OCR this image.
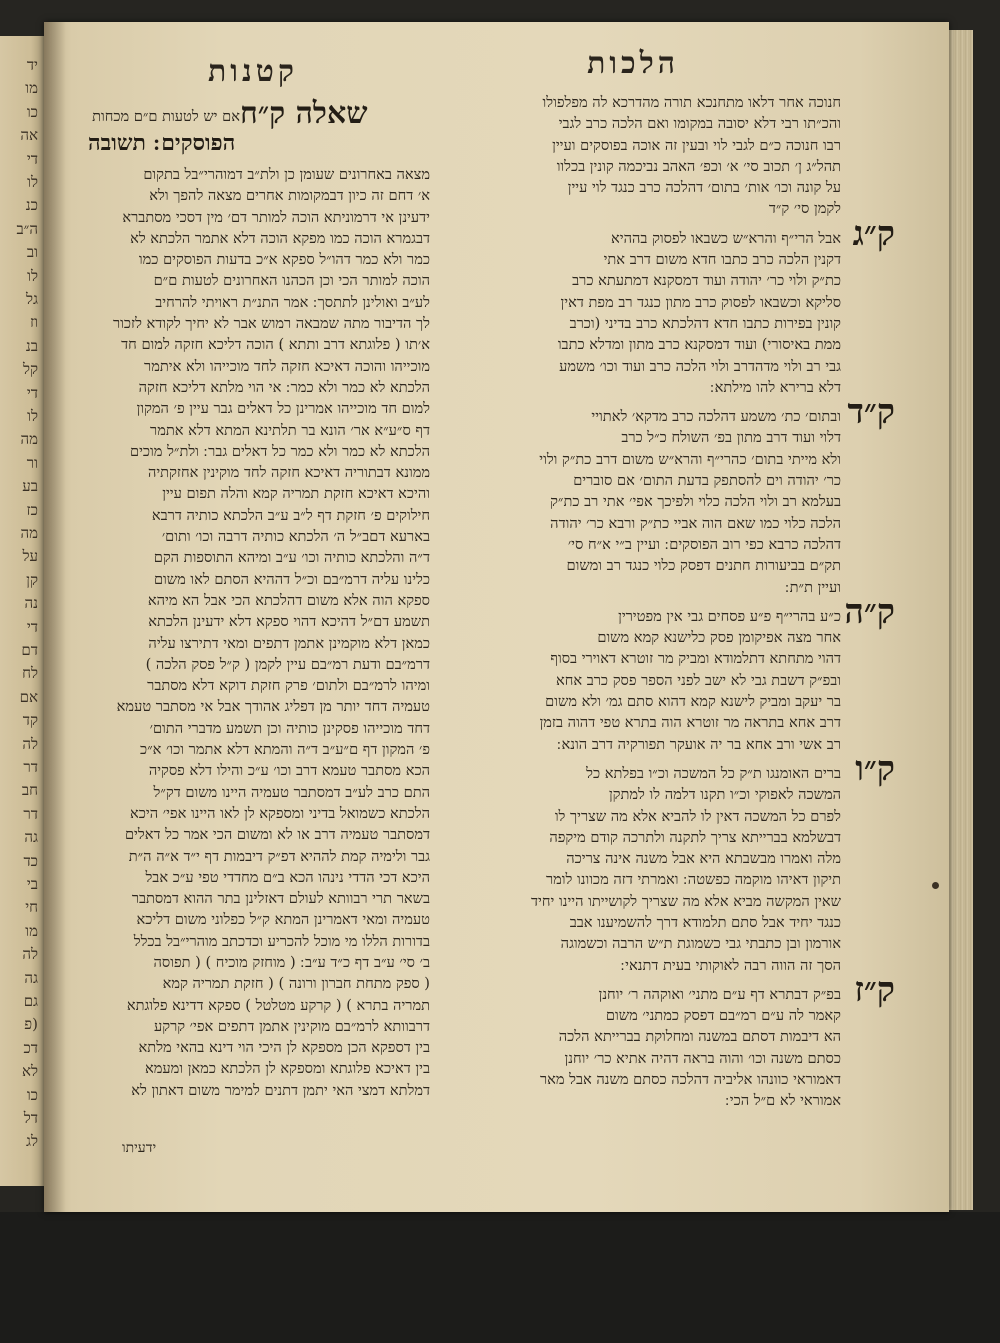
יד
מו
כו
אה
די
לו
כנ
ה״ב
וב
לו
גל
וז
בנ
קל
די
לו
מה
ור
בע
כז
מה
על
קן
נה
די
דם
לח
אם
קד
לה
דר
חב
דר
גה
כד
בי
חי
מו
לה
גה
גם
(פ
דכ
לא
כו
דל
לג
הלכות
קטנות
חנוכה אחר דלאו מתחנכא תורה מהדרכא לה מפלפולו
והכ״תו רבי דלא יסובה במקומו ואם הלכה כרב לגבי
רבו חנוכה כ״ם לגבי לוי ובעין זה אוכה בפוסקים ועיין
תהל״ג ן׳ תכוב סי׳ א׳ וכפ׳ האהב נביכמה קונין בכלוו
על קונה וכו׳ אות׳ בתום׳ דהלכה כרב כנגד לוי עיין
לקמן סי׳ ק״ד
ק״ג
אבל הרי״ף והרא״ש כשבאו לפסוק בההיא
דקנין הלכה כרב כתבו חדא משום דרב אתי
כת״ק ולוי כר׳ יהודה ועוד דמסקנא דמתעתא כרב
סליקא וכשבאו לפסוק כרב מתון כנגד רב מפת דאין
קונין בפירות כתבו חדא דהלכתא כרב בדיני (וכרב
ממת באיסורי) ועוד דמסקנא כרב מתון ומדלא כתבו
גבי רב ולוי מדהדרב ולוי הלכה כרב ועוד וכו׳ משמע
דלא ברירא להו מילתא ׃
ק״ד
ובתום׳ כת׳ משמע דהלכה כרב מדקא׳ לאתויי
דלוי ועוד דרב מתון בפ׳ השולח כ״ל כרב
ולא מייתי בתום׳ כהרי״ף והרא״ש משום דרב כת״ק ולוי
כר׳ יהודה וים להסתפק בדעת התום׳ אם סוברים
בעלמא רב ולוי הלכה כלוי ולפיכך אפי׳ אתי רב כת״ק
הלכה כלוי כמו שאם הוה אביי כת״ק ורבא כר׳ יהודה
דהלכה כרבא כפי רוב הפוסקים ׃ ועיין ב״י א״ח סי׳
תק״ם בביעורות חתנים דפסק כלוי כנגד רב ומשום
ועיין ת״ת ׃
ק״ה
כ״ע בהרי״ף פ״ע פסחים גבי אין מפטירין
אחר מצה אפיקומן פסק כלישנא קמא משום
דהוי מתחתא דתלמודא ומביק מר זוטרא דאוירי בסוף
ובפ״ק דשבת גבי לא ישב לפני הספר פסק כרב אחא
בר יעקב ומביק לישנא קמא דהוא סתם גמ׳ ולא משום
דרב אחא בתראה מר זוטרא הוה בתרא טפי דהוה בזמן
רב אשי ורב אחא בר יה אועקר תפורקיה דרב הונא ׃
ק״ו
ברים האומנגו ת״ק כל המשכה וכ״ו בפלתא כל
המשכה לאפוקי וכ״ו תקנו דלמה לו למתקן
לפרם כל המשכה דאין לו להביא אלא מה שצריך לו
דבשלמא בברייתא צריך לתקנה ולתרכה קודם מיקפה
מלה ואמרו מבשבתא היא אבל משנה אינה צריכה
תיקון דאיהו מוקמה כפשטה ׃ ואמרתי דזה מכוונו לומר
שאין המקשה מביא אלא מה שצריך לקושייתו היינו יחיד
כנגד יחיד אבל סתם תלמודא דרך להשמיענו אבב
אורמון ובן כתבתי גבי כשמוגת ת״ש הרבה וכשמוגה
הסך זה הווה רבה לאוקותי בעית דתנאי ׃
ק״ז
בפ״ק דבתרא דף ע״ם מתני׳ ואוקהה ר׳ יוחנן
קאמר לה ע״ם רמ״בם דפסק כמתני׳ משום
הא דיבמות דסתם במשנה ומחלוקת בברייתא הלכה
כסתם משנה וכו׳ והוה בראה דהיה אתיא כר׳ יוחנן
דאמוראי כוונהו אליביה דהלכה כסתם משנה אבל מאר
אמוראי לא ם״ל הכי ׃
שאלה ק״ח
אם יש לטעות ם״ם מכחות
הפוסקים ׃ תשובה
מצאה באחרונים שעומן כן ולת״ב דמוהרי״בל בתקום
א׳ דחם זה כיון דבמקומות אחרים מצאה להפך ולא
ידעינן אי דרמוניתא הוכה למותר דם׳ מין דסכי מסתברא
דבגמרא הוכה כמו מפקא הוכה דלא אתמר הלכתא לא
כמר ולא כמר דהו״ל ספקא א״כ בדעות הפוסקים כמו
הוכה למותר הכי וכן הכהנו האחרונים לטעות ם״ם
לע״ב ואולינן לתתסך ׃ אמר התנ״ת ראויתי להרחיב
לך הדיבור מתה שמבאה רמוש אבר לא יחיך לקודא לזכור
א׳תו ( פלוגתא דרב ותתא )׃ הוכה דליכא חזקה למום חד
מוכייהו והוכה דאיכא חזקה לחד מוכייהו ולא איתמר
הלכתא לא כמר ולא כמר ׃ אי הוי מלתא דליכא חזקה
למום חד מוכייהו אמרינן כל דאלים גבר עיין פ׳ המקון
דף ס״ע״א אר׳ הונא בר תלתינא המתא דלא אתמר
הלכתא לא כמר ולא כמר כל דאלים גבר ׃ ולת״ל מוכים
ממונא דבתוריה דאיכא חזקה לחד מוקינין אחזקתיה
והיכא דאיכא חזקת תמריה קמא והלה תפום עיין
חילוקים פ׳ חזקת דף ל״ב ע״ב הלכתא כותיה דרבא
בארעא דםב״ל ה׳ הלכתא כותיה דרבה וכו׳ ותום׳
ד״ה והלכתא כותיה וכו׳ ע״ב ומיהא התוספות הקם
כלינו עליה דרמ״בם וכ״ל דההיא הסתם לאו משום
ספקא הוה אלא משום דהלכתא הכי אבל הא מיהא
תשמע דם״ל דהיכא דהוי ספקא דלא ידעינן הלכתא
כמאן דלא מוקמינן אתמן דתפים ומאי דתירצו עליה
דרמ״בם ודעת רמ״בם עיין לקמן ( ק״ל פסק הלכה )
ומיהו לרמ״בם ולתום׳ פרק חזקת דוקא דלא מסתבר
טעמיה דחד יותר מן דפליג אהודך אבל אי מסתבר טעמא
דחד מוכייהו פסקינן כותיה וכן תשמע מדברי התום׳
פ׳ המקון דף ם״ע״ב ד״ה והמתא דלא אתמר וכו׳ א״כ
הכא מסתבר טעמא דרב וכו׳ ע״כ והילו דלא פסקיה
התם כרב לע״ב דמסתבר טעמיה היינו משום דק״ל
הלכתא כשמואל בדיני ומספקא לן לאו היינו אפי׳ היכא
דמסתבר טעמיה דרב או לא ומשום הכי אמר כל דאלים
גבר ולימיה קמת לההיא דפ״ק דיבמות דף י״ד א״ה ה״ת
היכא דכי הדדי נינהו הכא ב״ם מחדדי טפי ע״כ אבל
בשאר תרי רבוותא לעולם דאזלינן בתר ההוא דמסתבר
טעמיה ומאי דאמרינן המתא ק״ל כפלוני משום דליכא
בדורות הללו מי מוכל להכריע וכדכתב מוהרי״בל בכלל
ב׳ סי׳ ע״ב דף כ״ד ע״ב ׃ ( מוחזק מוכיח ) ( תפוסה
( ספק מתחת חברון ורונה ) ( חזקת תמריה קמא
תמריה בתרא ) ( קרקע מטלטל ) ספקא דדינא פלוגתא
דרבוותא לרמ״בם מוקינין אתמן דתפים אפי׳ קרקע
בין דספקא הכן מספקא לן היכי הוי דינא בהאי מלתא
בין דאיכא פלוגתא ומספקא לן הלכתא כמאן ומעמא
דמלתא דמצי האי יתמן דתנים למימר משום דאתון לא
ידעיתו
